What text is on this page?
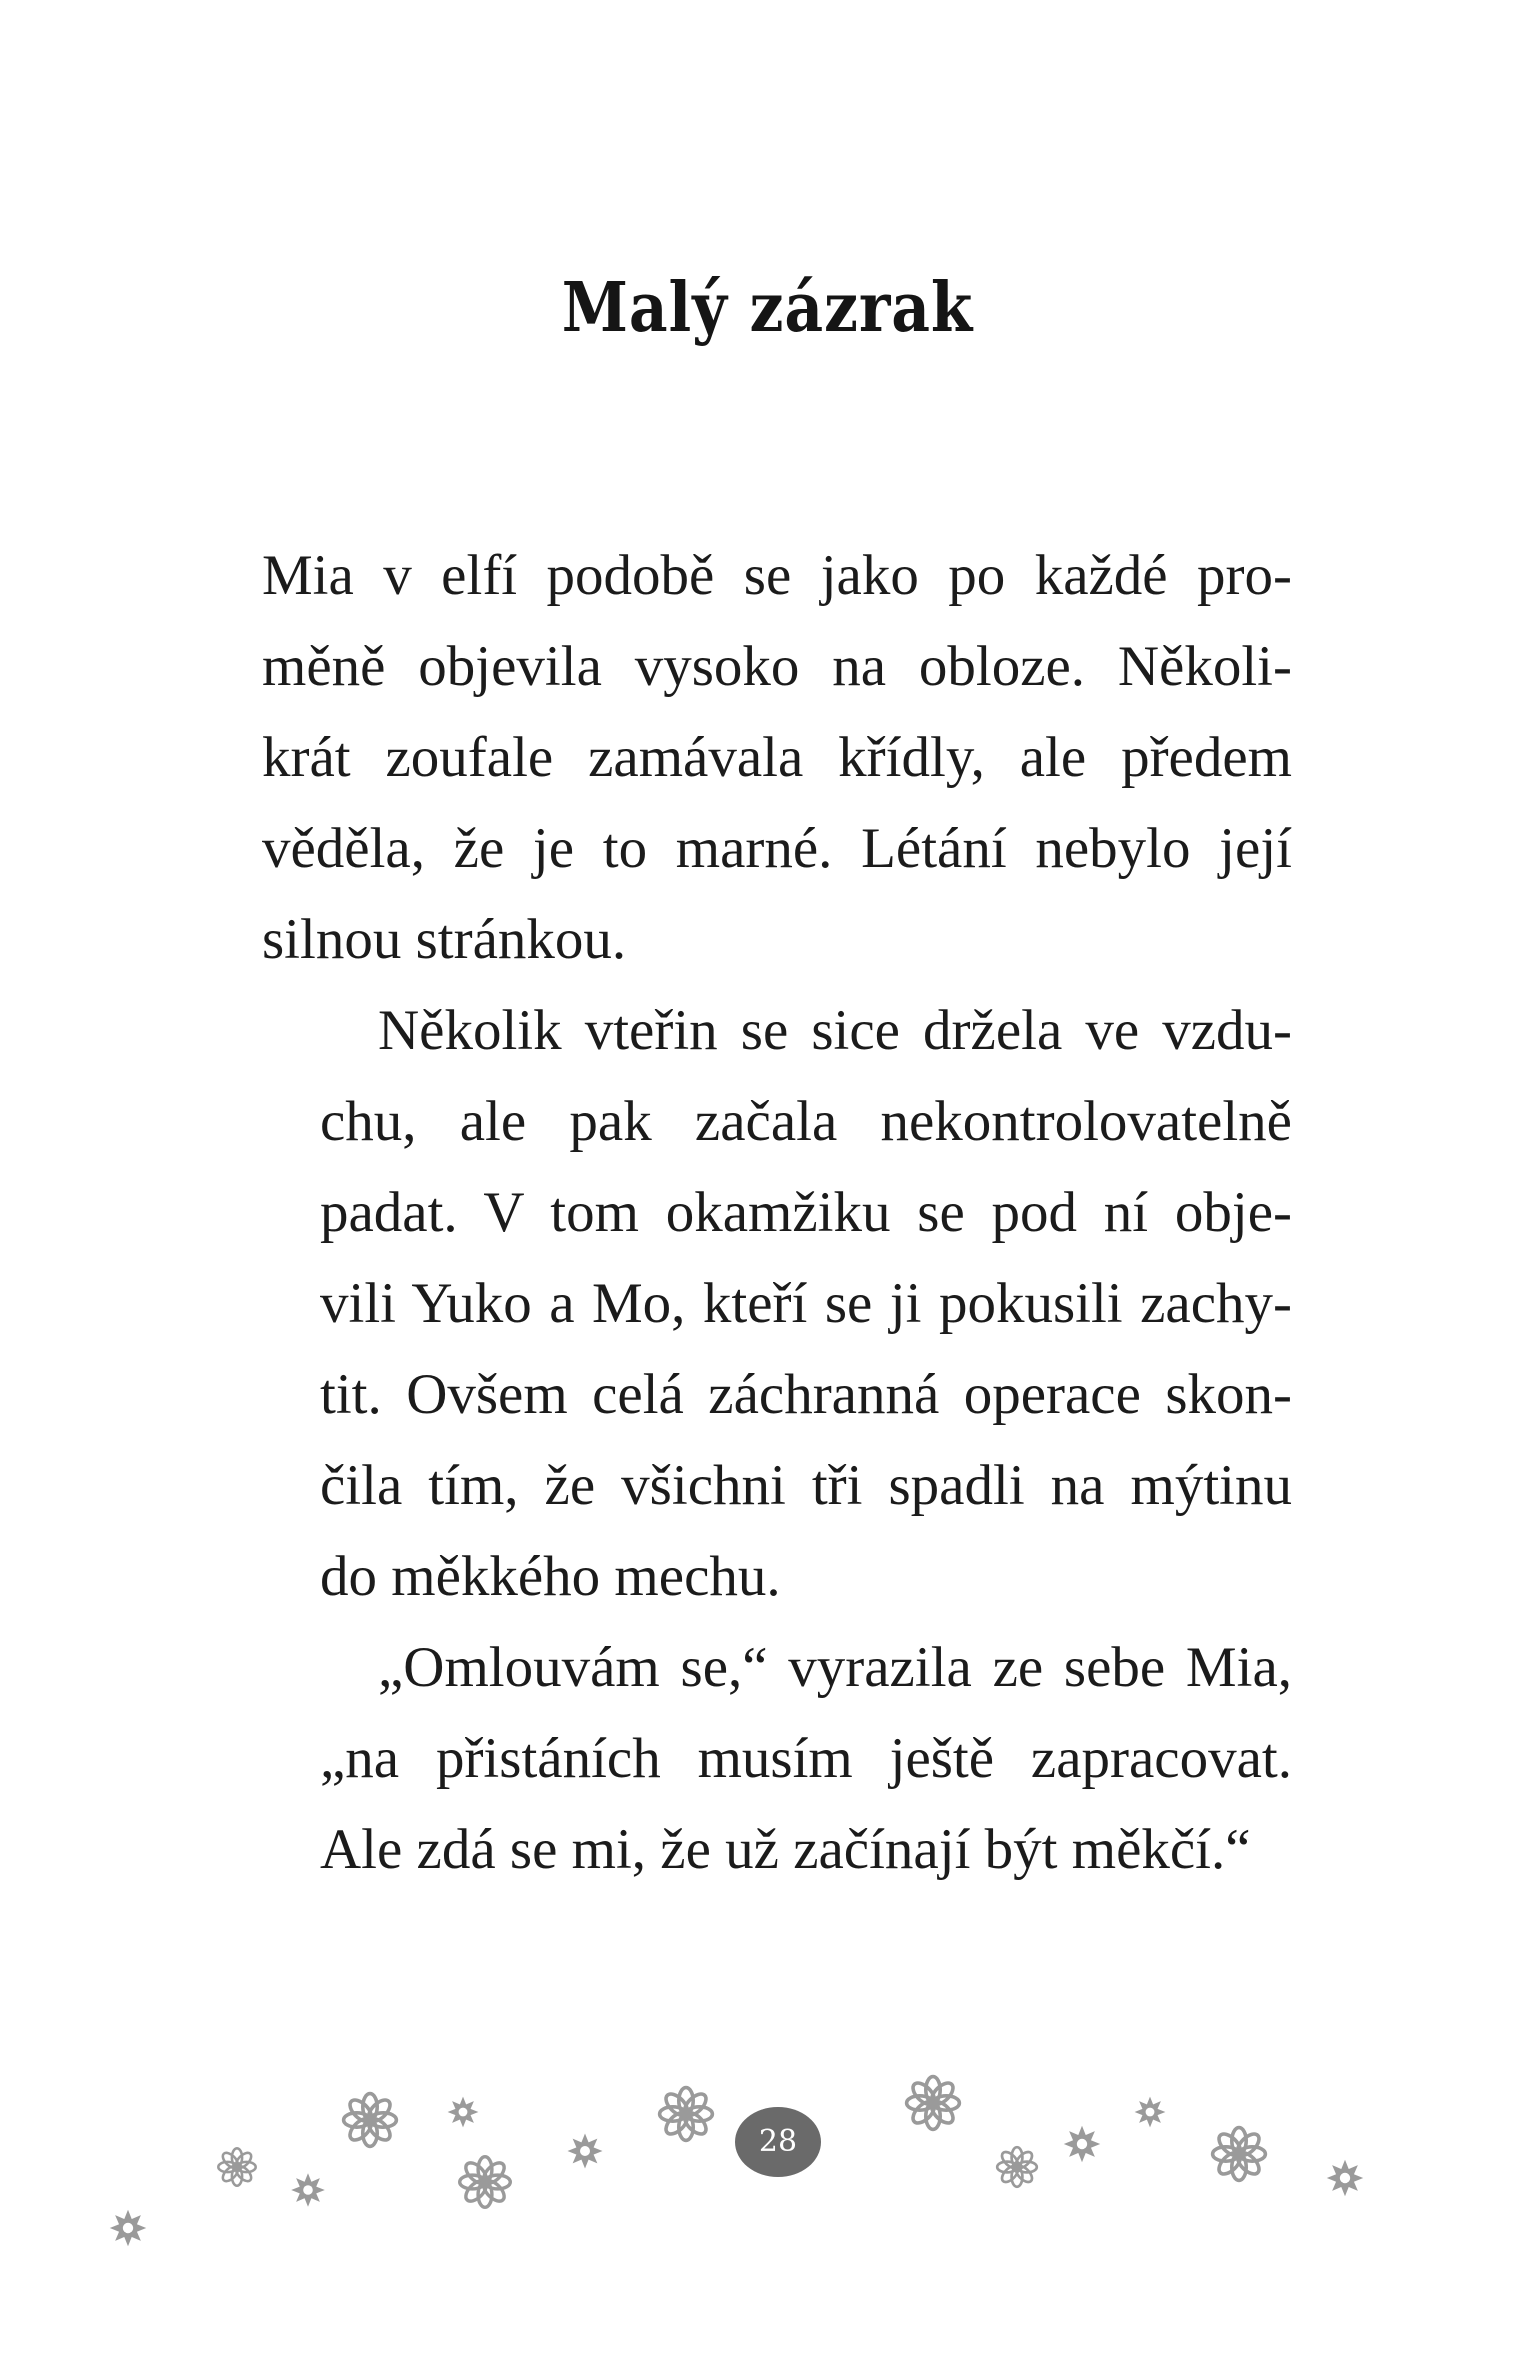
Malý zázrak

Mia v elfí podobě se jako po každé pro-
měně objevila vysoko na obloze. Několi-
krát zoufale zamávala křídly, ale předem
věděla, že je to marné. Létání nebylo její
silnou stránkou.

Několik vteřin se sice držela ve vzdu-
chu, ale pak začala nekontrolovatelně
padat. V tom okamžiku se pod ní obje-
vili Yuko a Mo, kteří se ji pokusili zachy-
tit. Ovšem celá záchranná operace skon-
čila tím, že všichni tři spadli na mýtinu
do měkkého mechu.

„Omlouvám se,“ vyrazila ze sebe Mia,
„na přistáních musím ještě zapracovat.
Ale zdá se mi, že už začínají být měkčí.“

28
